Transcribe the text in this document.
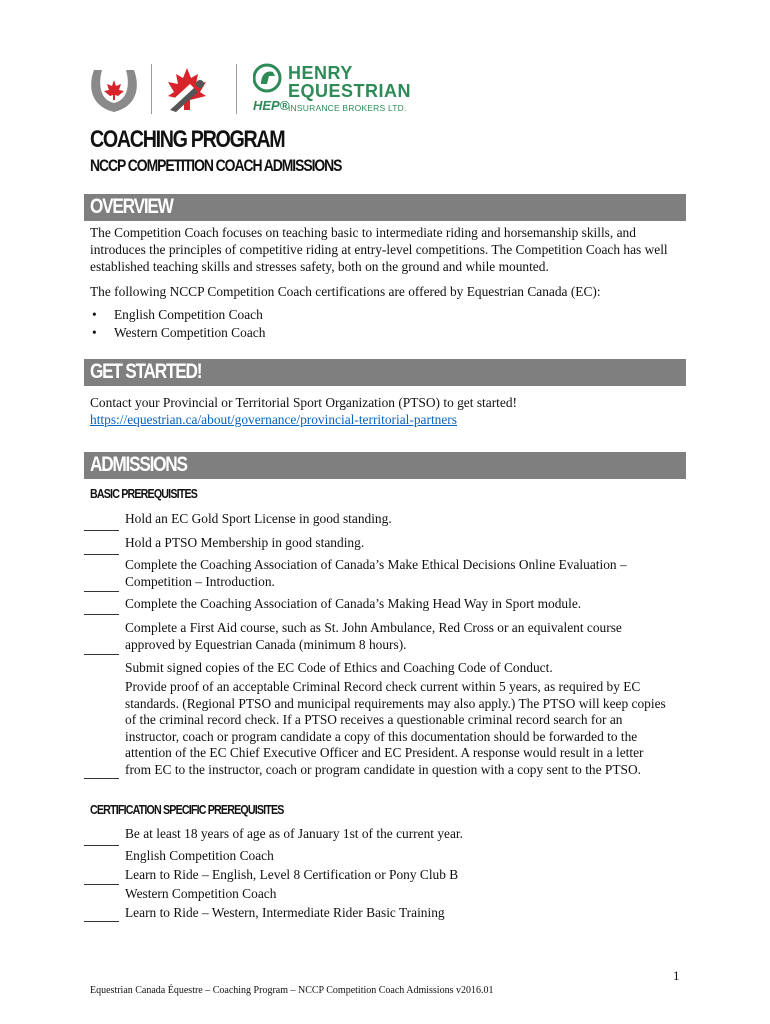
HENRY
EQUESTRIAN
INSURANCE BROKERS LTD.
HEP®
COACHING PROGRAM
NCCP COMPETITION COACH ADMISSIONS
OVERVIEW
The Competition Coach focuses on teaching basic to intermediate riding and horsemanship skills, and introduces the principles of competitive riding at entry-level competitions. The Competition Coach has well established teaching skills and stresses safety, both on the ground and while mounted.
The following NCCP Competition Coach certifications are offered by Equestrian Canada (EC):
• English Competition Coach
• Western Competition Coach
GET STARTED!
Contact your Provincial or Territorial Sport Organization (PTSO) to get started!
https://equestrian.ca/about/governance/provincial-territorial-partners
ADMISSIONS
BASIC PREREQUISITES
Hold an EC Gold Sport License in good standing.
Hold a PTSO Membership in good standing.
Complete the Coaching Association of Canada’s Make Ethical Decisions Online Evaluation – Competition – Introduction.
Complete the Coaching Association of Canada’s Making Head Way in Sport module.
Complete a First Aid course, such as St. John Ambulance, Red Cross or an equivalent course approved by Equestrian Canada (minimum 8 hours).
Submit signed copies of the EC Code of Ethics and Coaching Code of Conduct.
Provide proof of an acceptable Criminal Record check current within 5 years, as required by EC standards. (Regional PTSO and municipal requirements may also apply.) The PTSO will keep copies of the criminal record check. If a PTSO receives a questionable criminal record search for an instructor, coach or program candidate a copy of this documentation should be forwarded to the attention of the EC Chief Executive Officer and EC President. A response would result in a letter from EC to the instructor, coach or program candidate in question with a copy sent to the PTSO.
CERTIFICATION SPECIFIC PREREQUISITES
Be at least 18 years of age as of January 1st of the current year.
English Competition Coach
Learn to Ride – English, Level 8 Certification or Pony Club B
Western Competition Coach
Learn to Ride – Western, Intermediate Rider Basic Training
1
Equestrian Canada Équestre – Coaching Program – NCCP Competition Coach Admissions v2016.01
